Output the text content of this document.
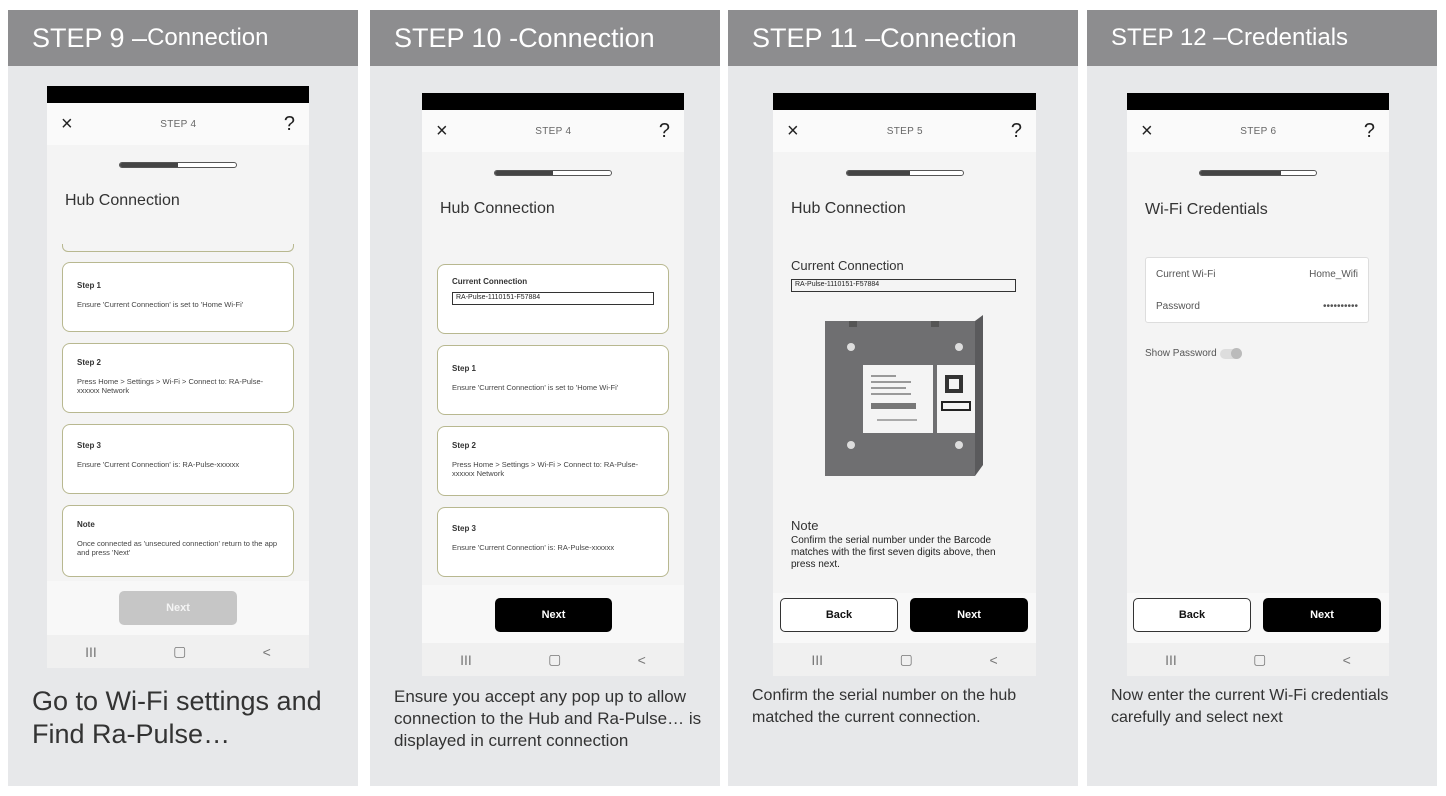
STEP 9 – Connection
×	STEP 4	?
Hub Connection
Step 1
Ensure 'Current Connection' is set to 'Home Wi-Fi'
Step 2
Press Home > Settings > Wi-Fi > Connect to: RA-Pulse-xxxxxx Network
Step 3
Ensure 'Current Connection' is: RA-Pulse-xxxxxx
Note
Once connected as 'unsecured connection' return to the app and press 'Next'
Next
III	▢	<
Go to Wi-Fi settings and Find Ra-Pulse…
STEP 10 - Connection
×	STEP 4	?
Hub Connection
Current Connection
RA-Pulse-1110151-F57884
Step 1
Ensure 'Current Connection' is set to 'Home Wi-Fi'
Step 2
Press Home > Settings > Wi-Fi > Connect to: RA-Pulse-xxxxxx Network
Step 3
Ensure 'Current Connection' is: RA-Pulse-xxxxxx
Next
III	▢	<
Ensure you accept any pop up to allow connection to the Hub and Ra-Pulse… is displayed in current connection
STEP 11 – Connection
×	STEP 5	?
Hub Connection
Current Connection
RA-Pulse-1110151-F57884
Note
Confirm the serial number under the Barcode matches with the first seven digits above, then press next.
Back	Next
III	▢	<
Confirm the serial number on the hub matched the current connection.
STEP 12 – Credentials
×	STEP 6	?
Wi-Fi Credentials
Current Wi-Fi	Home_Wifi
Password	••••••••••
Show Password
Back	Next
III	▢	<
Now enter the current Wi-Fi credentials carefully and select next
